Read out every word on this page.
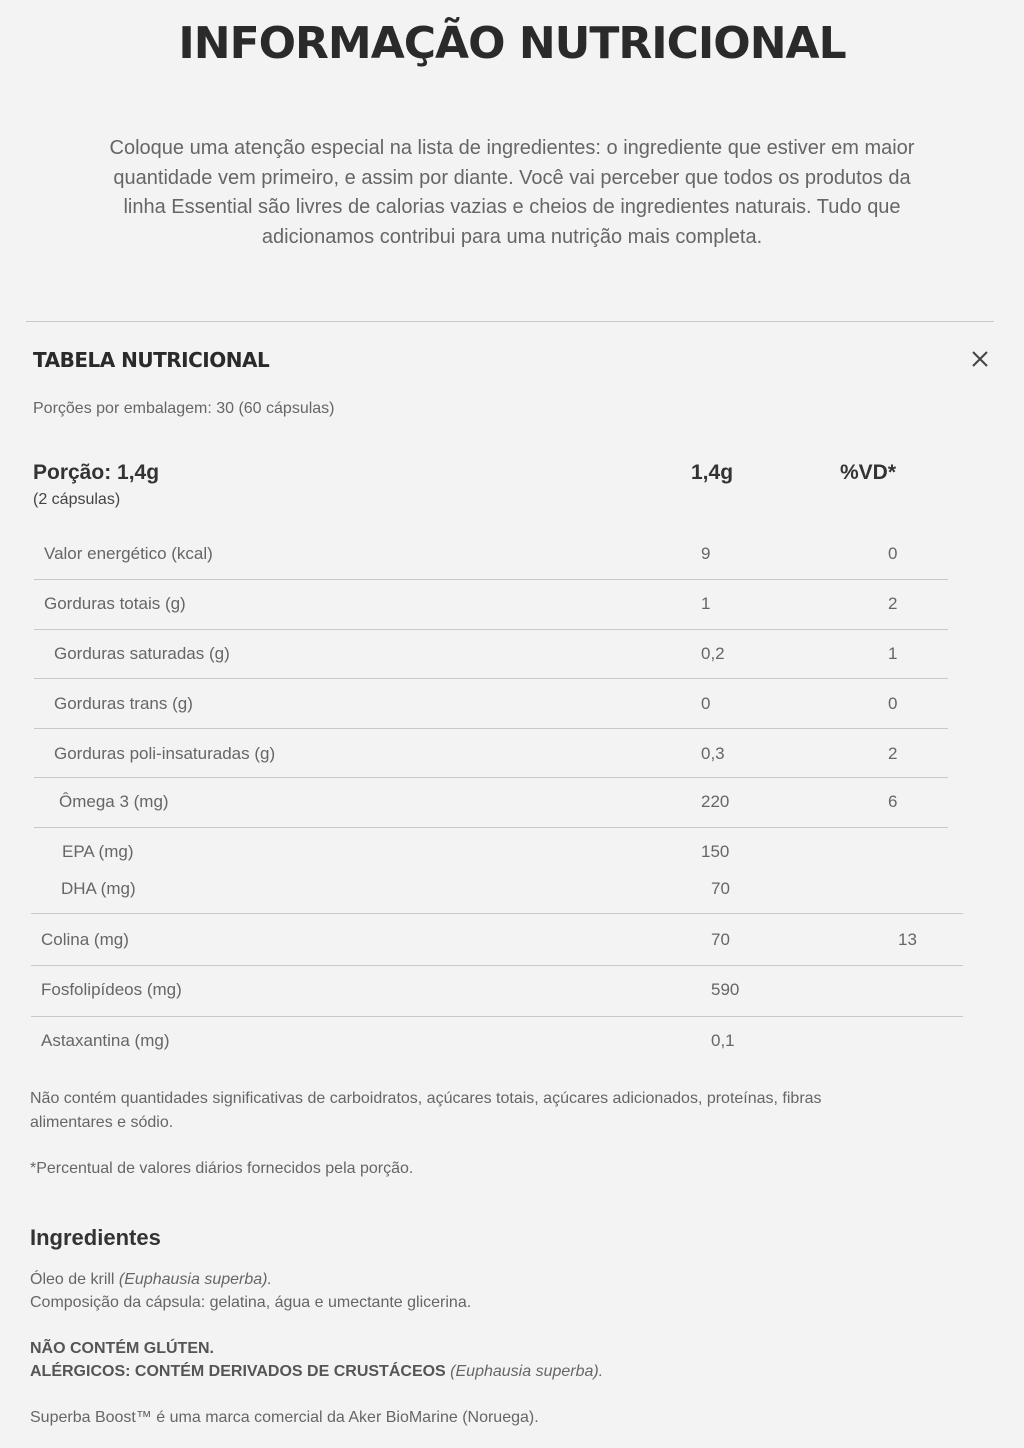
INFORMAÇÃO NUTRICIONAL
Coloque uma atenção especial na lista de ingredientes: o ingrediente que estiver em maior
quantidade vem primeiro, e assim por diante. Você vai perceber que todos os produtos da
linha Essential são livres de calorias vazias e cheios de ingredientes naturais. Tudo que
adicionamos contribui para uma nutrição mais completa.
TABELA NUTRICIONAL
Porções por embalagem: 30 (60 cápsulas)
Porção: 1,4g
(2 cápsulas)
1,4g	%VD*
Valor energético (kcal)	9	0
Gorduras totais (g)	1	2
Gorduras saturadas (g)	0,2	1
Gorduras trans (g)	0	0
Gorduras poli-insaturadas (g)	0,3	2
Ômega 3 (mg)	220	6
EPA (mg)	150
DHA (mg)	70
Colina (mg)	70	13
Fosfolipídeos (mg)	590
Astaxantina (mg)	0,1
Não contém quantidades significativas de carboidratos, açúcares totais, açúcares adicionados, proteínas, fibras
alimentares e sódio.
*Percentual de valores diários fornecidos pela porção.
Ingredientes
Óleo de krill (Euphausia superba).
Composição da cápsula: gelatina, água e umectante glicerina.
NÃO CONTÉM GLÚTEN.
ALÉRGICOS: CONTÉM DERIVADOS DE CRUSTÁCEOS (Euphausia superba).
Superba Boost™ é uma marca comercial da Aker BioMarine (Noruega).
